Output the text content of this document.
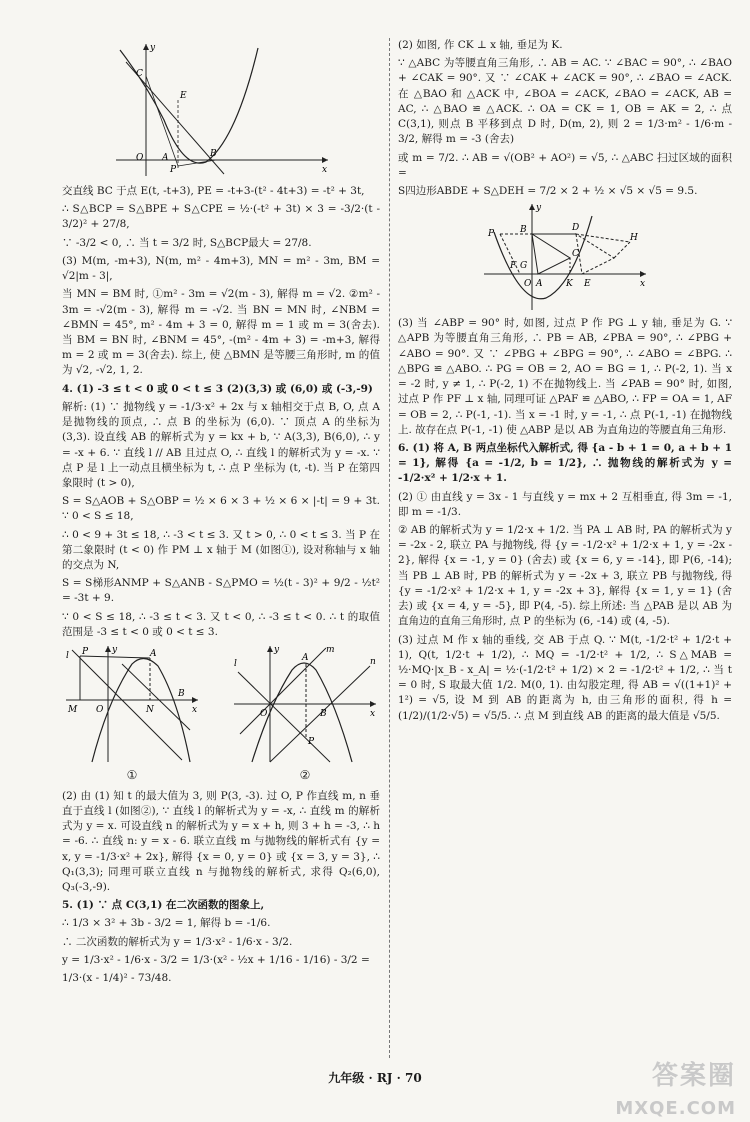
C
E
O A
P
B
x
y

交直线 BC 于点 E(t, -t+3), PE = -t+3-(t² - 4t+3) = -t² + 3t,

∴ S△BCP = S△BPE + S△CPE = ½·(-t² + 3t) × 3 = -3/2·(t - 3/2)² + 27/8,

∵ -3/2 < 0, ∴ 当 t = 3/2 时, S△BCP最大 = 27/8.

(3) M(m, -m+3), N(m, m² - 4m+3), MN = m² - 3m, BM = √2|m - 3|,

当 MN = BM 时, ①m² - 3m = √2(m - 3), 解得 m = √2. ②m² - 3m = -√2(m - 3), 解得 m = -√2. 当 BN = MN 时, ∠NBM = ∠BMN = 45°, m² - 4m + 3 = 0, 解得 m = 1 或 m = 3(舍去). 当 BM = BN 时, ∠BNM = 45°, -(m² - 4m + 3) = -m+3, 解得 m = 2 或 m = 3(舍去). 综上, 使 △BMN 是等腰三角形时, m 的值为 √2, -√2, 1, 2.

4. (1) -3 ≤ t < 0 或 0 < t ≤ 3 (2)(3,3) 或 (6,0) 或 (-3,-9)

解析: (1) ∵ 抛物线 y = -1/3·x² + 2x 与 x 轴相交于点 B, O, 点 A 是抛物线的顶点, ∴ 点 B 的坐标为 (6,0). ∵ 顶点 A 的坐标为 (3,3). 设直线 AB 的解析式为 y = kx + b, ∵ A(3,3), B(6,0), ∴ y = -x + 6. ∵ 直线 l // AB 且过点 O, ∴ 直线 l 的解析式为 y = -x. ∵ 点 P 是 l 上一动点且横坐标为 t, ∴ 点 P 坐标为 (t, -t). 当 P 在第四象限时 (t > 0),

S = S△AOB + S△OBP = ½ × 6 × 3 + ½ × 6 × |-t| = 9 + 3t. ∵ 0 < S ≤ 18,

∴ 0 < 9 + 3t ≤ 18, ∴ -3 < t ≤ 3. 又 t > 0, ∴ 0 < t ≤ 3. 当 P 在第二象限时 (t < 0) 作 PM ⊥ x 轴于 M (如图①), 设对称轴与 x 轴的交点为 N,

S = S梯形ANMP + S△ANB - S△PMO = ½(t - 3)² + 9/2 - ½t² = -3t + 9.

∵ 0 < S ≤ 18, ∴ -3 ≤ t < 3. 又 t < 0, ∴ -3 ≤ t < 0. ∴ t 的取值范围是 -3 ≤ t < 0 或 0 < t ≤ 3.

l P	A
M O	N
B
x
y
①
l
m
n
A
O	B
P
x
y
②

(2) 由 (1) 知 t 的最大值为 3, 则 P(3, -3). 过 O, P 作直线 m, n 垂直于直线 l (如图②), ∵ 直线 l 的解析式为 y = -x, ∴ 直线 m 的解析式为 y = x. 可设直线 n 的解析式为 y = x + h, 则 3 + h = -3, ∴ h = -6. ∴ 直线 n: y = x - 6. 联立直线 m 与抛物线的解析式有 {y = x, y = -1/3·x² + 2x}, 解得 {x = 0, y = 0} 或 {x = 3, y = 3}, ∴ Q₁(3,3); 同理可联立直线 n 与抛物线的解析式, 求得 Q₂(6,0), Q₃(-3,-9).

5. (1) ∵ 点 C(3,1) 在二次函数的图象上,

∴ 1/3 × 3² + 3b - 3/2 = 1, 解得 b = -1/6.

∴ 二次函数的解析式为 y = 1/3·x² - 1/6·x - 3/2.

y = 1/3·x² - 1/6·x - 3/2 = 1/3·(x² - ½x + 1/16 - 1/16) - 3/2 =

1/3·(x - 1/4)² - 73/48.

(2) 如图, 作 CK ⊥ x 轴, 垂足为 K.

∵ △ABC 为等腰直角三角形, ∴ AB = AC. ∵ ∠BAC = 90°, ∴ ∠BAO + ∠CAK = 90°. 又 ∵ ∠CAK + ∠ACK = 90°, ∴ ∠BAO = ∠ACK. 在 △BAO 和 △ACK 中, ∠BOA = ∠ACK, ∠BAO = ∠ACK, AB = AC, ∴ △BAO ≌ △ACK. ∴ OA = CK = 1, OB = AK = 2, ∴ 点 C(3,1), 则点 B 平移到点 D 时, D(m, 2), 则 2 = 1/3·m² - 1/6·m - 3/2, 解得 m = -3 (舍去)

或 m = 7/2. ∴ AB = √(OB² + AO²) = √5, ∴ △ABC 扫过区域的面积 =

S四边形ABDE + S△DEH = 7/2 × 2 + ½ × √5 × √5 = 9.5.

P	B
F G
O A
D
C
K E
H
x
y

(3) 当 ∠ABP = 90° 时, 如图, 过点 P 作 PG ⊥ y 轴, 垂足为 G. ∵ △APB 为等腰直角三角形, ∴ PB = AB, ∠PBA = 90°, ∴ ∠PBG + ∠ABO = 90°. 又 ∵ ∠PBG + ∠BPG = 90°, ∴ ∠ABO = ∠BPG. ∴ △BPG ≌ △ABO. ∴ PG = OB = 2, AO = BG = 1, ∴ P(-2, 1). 当 x = -2 时, y ≠ 1, ∴ P(-2, 1) 不在抛物线上. 当 ∠PAB = 90° 时, 如图, 过点 P 作 PF ⊥ x 轴, 同理可证 △PAF ≌ △ABO, ∴ FP = OA = 1, AF = OB = 2, ∴ P(-1, -1). 当 x = -1 时, y = -1, ∴ 点 P(-1, -1) 在抛物线上. 故存在点 P(-1, -1) 使 △ABP 是以 AB 为直角边的等腰直角三角形.

6. (1) 将 A, B 两点坐标代入解析式, 得 {a - b + 1 = 0, a + b + 1 = 1}, 解得 {a = -1/2, b = 1/2}, ∴ 抛物线的解析式为 y = -1/2·x² + 1/2·x + 1.

(2) ① 由直线 y = 3x - 1 与直线 y = mx + 2 互相垂直, 得 3m = -1, 即 m = -1/3.

② AB 的解析式为 y = 1/2·x + 1/2. 当 PA ⊥ AB 时, PA 的解析式为 y = -2x - 2, 联立 PA 与抛物线, 得 {y = -1/2·x² + 1/2·x + 1, y = -2x - 2}, 解得 {x = -1, y = 0} (舍去) 或 {x = 6, y = -14}, 即 P(6, -14); 当 PB ⊥ AB 时, PB 的解析式为 y = -2x + 3, 联立 PB 与抛物线, 得 {y = -1/2·x² + 1/2·x + 1, y = -2x + 3}, 解得 {x = 1, y = 1} (舍去) 或 {x = 4, y = -5}, 即 P(4, -5). 综上所述: 当 △PAB 是以 AB 为直角边的直角三角形时, 点 P 的坐标为 (6, -14) 或 (4, -5).

(3) 过点 M 作 x 轴的垂线, 交 AB 于点 Q. ∵ M(t, -1/2·t² + 1/2·t + 1), Q(t, 1/2·t + 1/2), ∴ MQ = -1/2·t² + 1/2, ∴ S△MAB = ½·MQ·|x_B - x_A| = ½·(-1/2·t² + 1/2) × 2 = -1/2·t² + 1/2, ∴ 当 t = 0 时, S 取最大值 1/2. M(0, 1). 由勾股定理, 得 AB = √((1+1)² + 1²) = √5, 设 M 到 AB 的距离为 h, 由三角形的面积, 得 h = (1/2)/(1/2·√5) = √5/5. ∴ 点 M 到直线 AB 的距离的最大值是 √5/5.

九年级 · RJ · 70	答案圈
MXQE.COM
